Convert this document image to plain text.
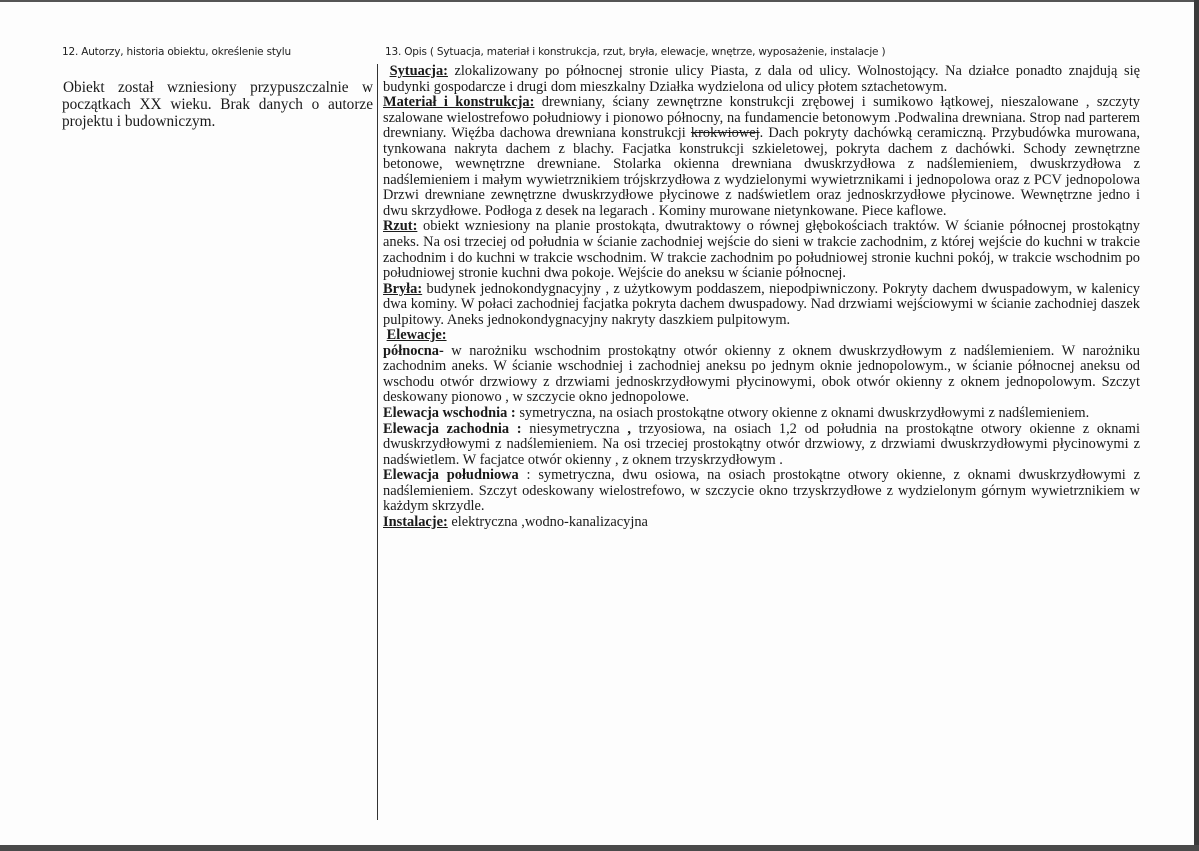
12. Autorzy, historia obiektu, określenie stylu
Obiekt został wzniesiony przypuszczalnie w początkach XX wieku. Brak danych o autorze projektu i budowniczym.
13. Opis ( Sytuacja, materiał i konstrukcja, rzut, bryła, elewacje, wnętrze, wyposażenie, instalacje )

Sytuacja: zlokalizowany po północnej stronie ulicy Piasta, z dala od ulicy. Wolnostojący. Na działce ponadto znajdują się budynki gospodarcze i drugi dom mieszkalny Działka wydzielona od ulicy płotem sztachetowym.

Materiał i konstrukcja: drewniany, ściany zewnętrzne konstrukcji zrębowej i sumikowo łątkowej, nieszalowane , szczyty szalowane wielostrefowo południowy i pionowo północny, na fundamencie betonowym .Podwalina drewniana. Strop nad parterem drewniany. Więźba dachowa drewniana konstrukcji krokwiowej. Dach pokryty dachówką ceramiczną. Przybudówka murowana, tynkowana nakryta dachem z blachy. Facjatka konstrukcji szkieletowej, pokryta dachem z dachówki. Schody zewnętrzne betonowe, wewnętrzne drewniane. Stolarka okienna drewniana dwuskrzydłowa z nadślemieniem, dwuskrzydłowa z nadślemieniem i małym wywietrznikiem trójskrzydłowa z wydzielonymi wywietrznikami i jednopolowa oraz z PCV jednopolowa Drzwi drewniane zewnętrzne dwuskrzydłowe płycinowe z nadświetlem oraz jednoskrzydłowe płycinowe. Wewnętrzne jedno i dwu skrzydłowe. Podłoga z desek na legarach . Kominy murowane nietynkowane. Piece kaflowe.

Rzut: obiekt wzniesiony na planie prostokąta, dwutraktowy o równej głębokościach traktów. W ścianie północnej prostokątny aneks. Na osi trzeciej od południa w ścianie zachodniej wejście do sieni w trakcie zachodnim, z której wejście do kuchni w trakcie zachodnim i do kuchni w trakcie wschodnim. W trakcie zachodnim po południowej stronie kuchni pokój, w trakcie wschodnim po południowej stronie kuchni dwa pokoje. Wejście do aneksu w ścianie północnej.

Bryła: budynek jednokondygnacyjny , z użytkowym poddaszem, niepodpiwniczony. Pokryty dachem dwuspadowym, w kalenicy dwa kominy. W połaci zachodniej facjatka pokryta dachem dwuspadowy. Nad drzwiami wejściowymi w ścianie zachodniej daszek pulpitowy. Aneks jednokondygnacyjny nakryty daszkiem pulpitowym.

Elewacje:

północna- w narożniku wschodnim prostokątny otwór okienny z oknem dwuskrzydłowym z nadślemieniem. W narożniku zachodnim aneks. W ścianie wschodniej i zachodniej aneksu po jednym oknie jednopolowym., w ścianie północnej aneksu od wschodu otwór drzwiowy z drzwiami jednoskrzydłowymi płycinowymi, obok otwór okienny z oknem jednopolowym. Szczyt deskowany pionowo , w szczycie okno jednopolowe.

Elewacja wschodnia : symetryczna, na osiach prostokątne otwory okienne z oknami dwuskrzydłowymi z nadślemieniem.

Elewacja zachodnia : niesymetryczna , trzyosiowa, na osiach 1,2 od południa na prostokątne otwory okienne z oknami dwuskrzydłowymi z nadślemieniem. Na osi trzeciej prostokątny otwór drzwiowy, z drzwiami dwuskrzydłowymi płycinowymi z nadświetlem. W facjatce otwór okienny , z oknem trzyskrzydłowym .

Elewacja południowa : symetryczna, dwu osiowa, na osiach prostokątne otwory okienne, z oknami dwuskrzydłowymi z nadślemieniem. Szczyt odeskowany wielostrefowo, w szczycie okno trzyskrzydłowe z wydzielonym górnym wywietrznikiem w każdym skrzydle.

Instalacje: elektryczna ,wodno-kanalizacyjna
